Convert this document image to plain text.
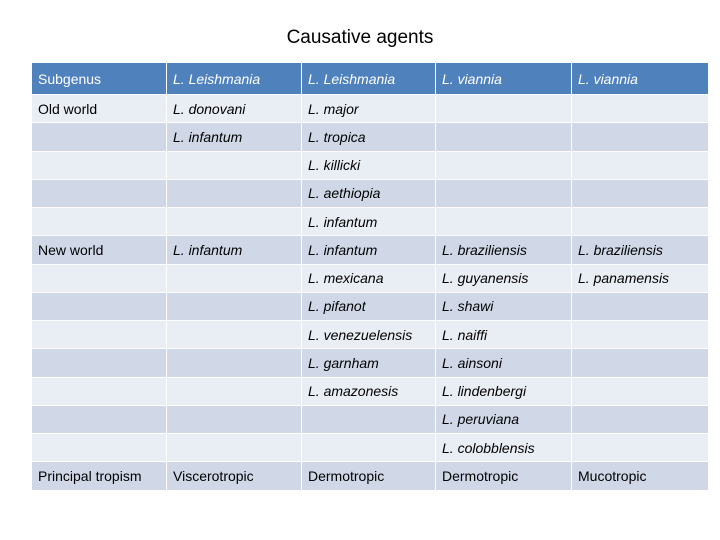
Causative agents
Subgenus	L. Leishmania	L. Leishmania	L. viannia	L. viannia
Old world	L. donovani	L. major		
	L. infantum	L. tropica		
		L. killicki		
		L. aethiopia		
		L. infantum		
New world	L. infantum	L. infantum	L. braziliensis	L. braziliensis
		L. mexicana	L. guyanensis	L. panamensis
		L. pifanot	L. shawi	
		L. venezuelensis	L. naiffi	
		L. garnham	L. ainsoni	
		L. amazonesis	L. lindenbergi	
			L. peruviana	
			L. colobblensis	
Principal tropism	Viscerotropic	Dermotropic	Dermotropic	Mucotropic
